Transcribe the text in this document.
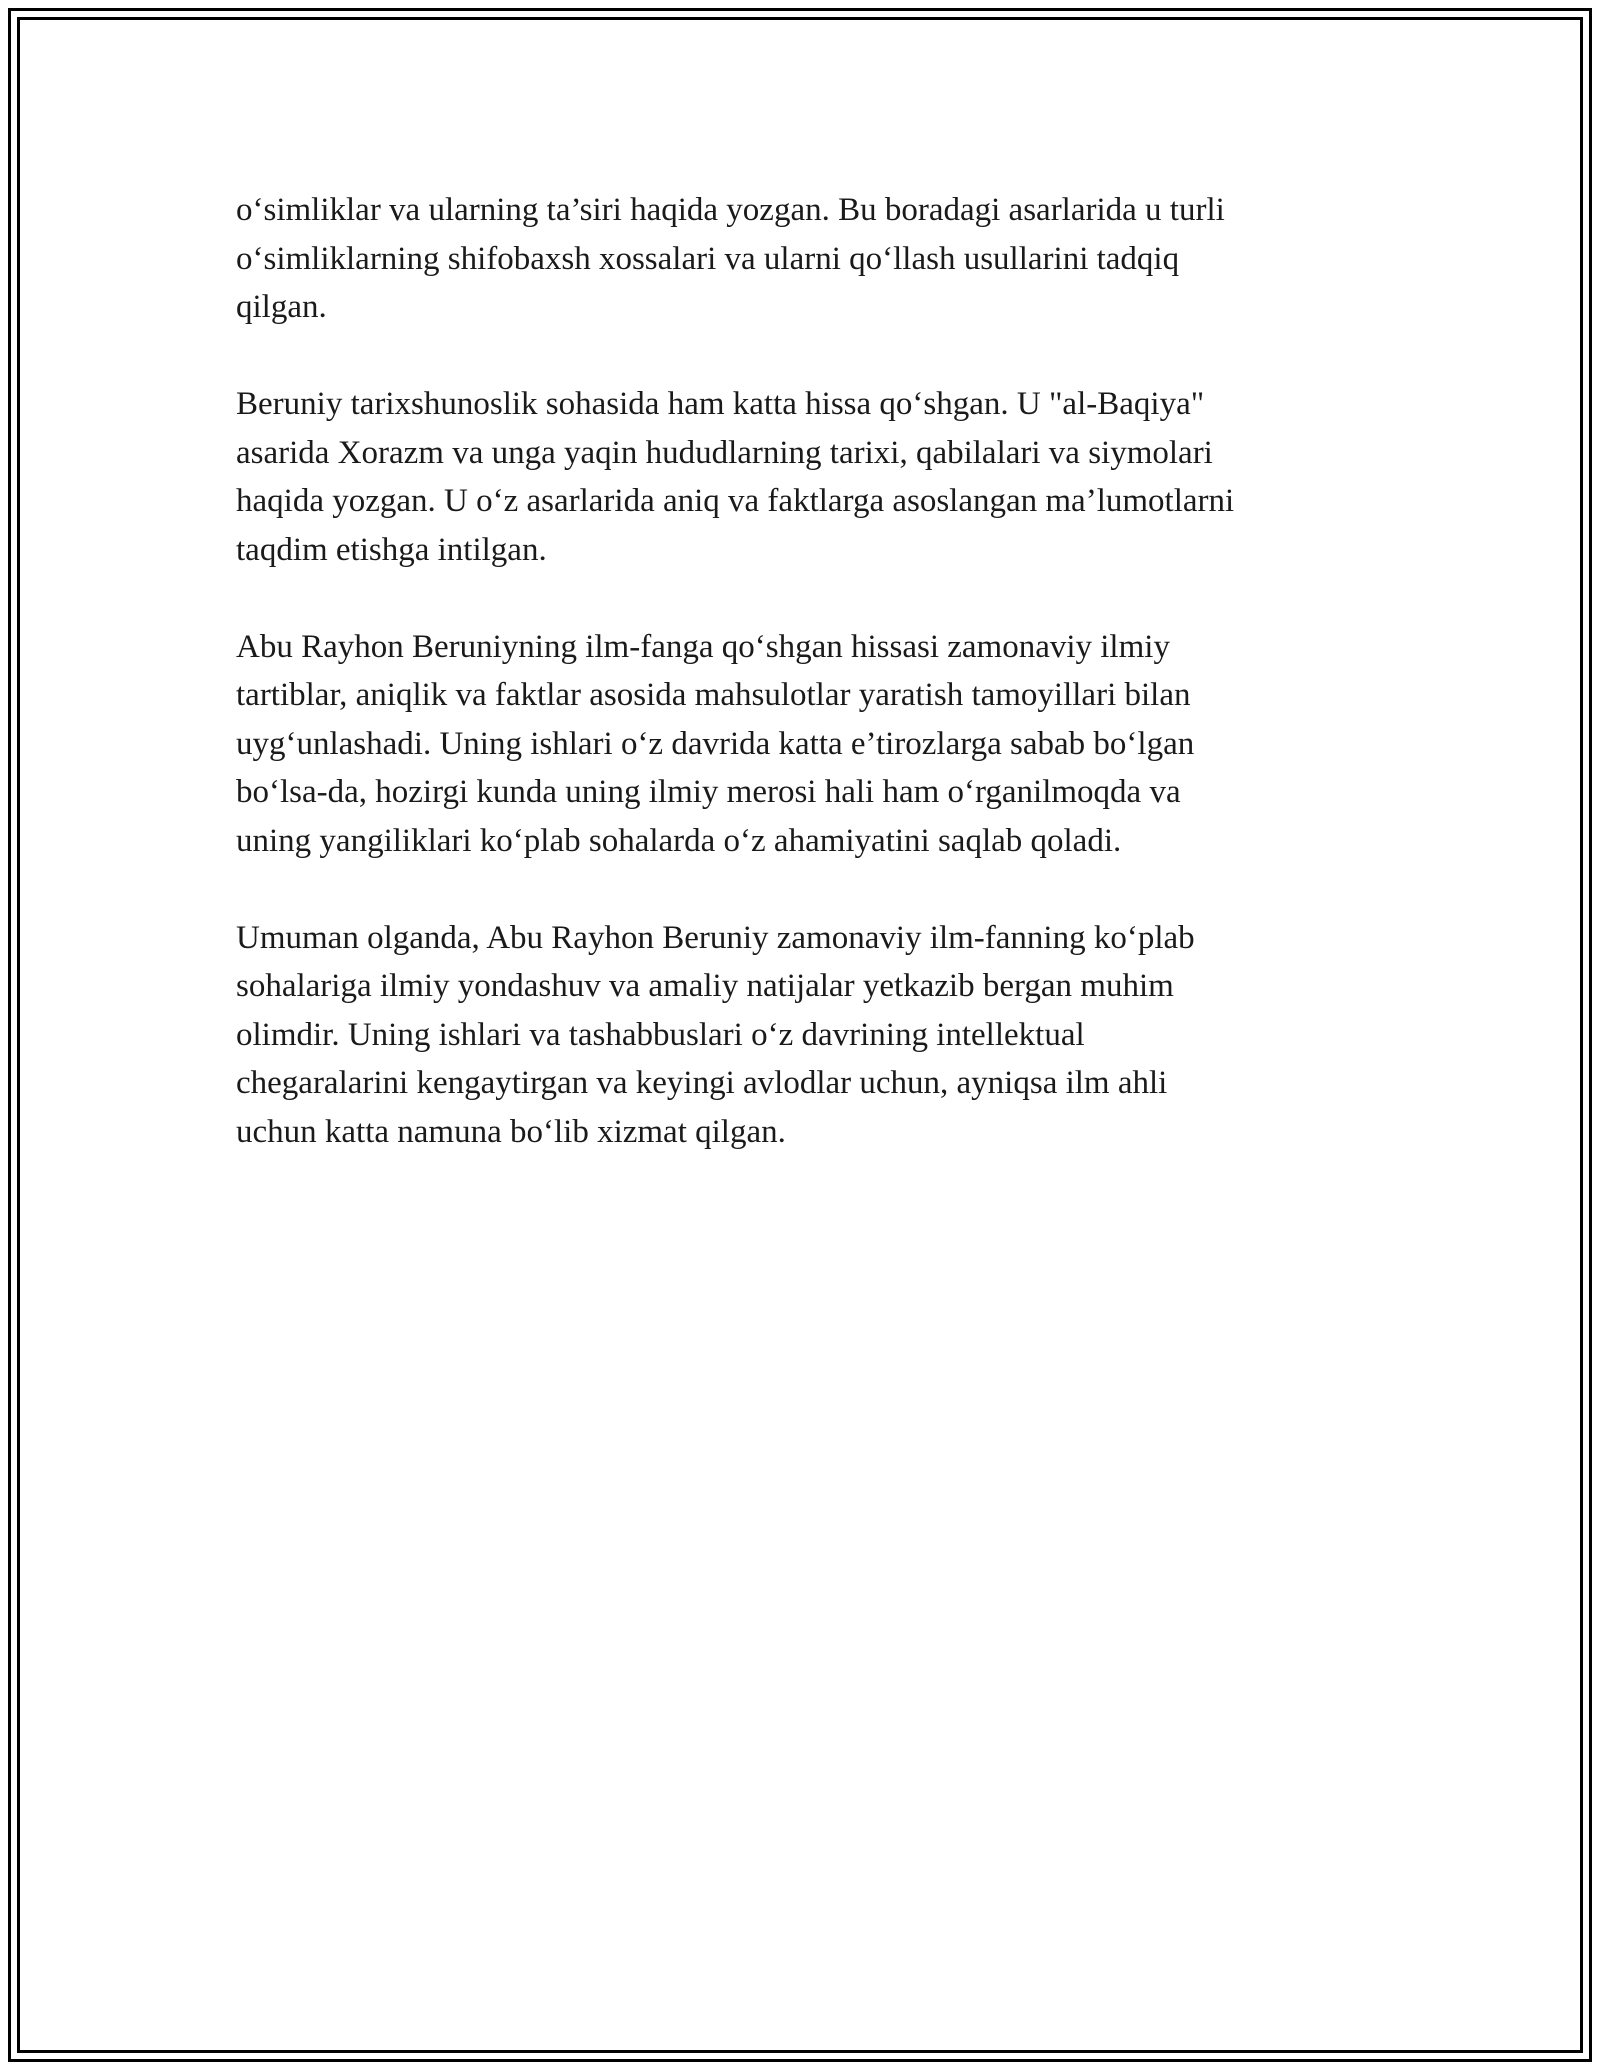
o‘simliklar va ularning ta’siri haqida yozgan. Bu boradagi asarlarida u turli
o‘simliklarning shifobaxsh xossalari va ularni qo‘llash usullarini tadqiq
qilgan.

Beruniy tarixshunoslik sohasida ham katta hissa qo‘shgan. U "al-Baqiya"
asarida Xorazm va unga yaqin hududlarning tarixi, qabilalari va siymolari
haqida yozgan. U o‘z asarlarida aniq va faktlarga asoslangan ma’lumotlarni
taqdim etishga intilgan.

Abu Rayhon Beruniyning ilm-fanga qo‘shgan hissasi zamonaviy ilmiy
tartiblar, aniqlik va faktlar asosida mahsulotlar yaratish tamoyillari bilan
uyg‘unlashadi. Uning ishlari o‘z davrida katta e’tirozlarga sabab bo‘lgan
bo‘lsa-da, hozirgi kunda uning ilmiy merosi hali ham o‘rganilmoqda va
uning yangiliklari ko‘plab sohalarda o‘z ahamiyatini saqlab qoladi.

Umuman olganda, Abu Rayhon Beruniy zamonaviy ilm-fanning ko‘plab
sohalariga ilmiy yondashuv va amaliy natijalar yetkazib bergan muhim
olimdir. Uning ishlari va tashabbuslari o‘z davrining intellektual
chegaralarini kengaytirgan va keyingi avlodlar uchun, ayniqsa ilm ahli
uchun katta namuna bo‘lib xizmat qilgan.
